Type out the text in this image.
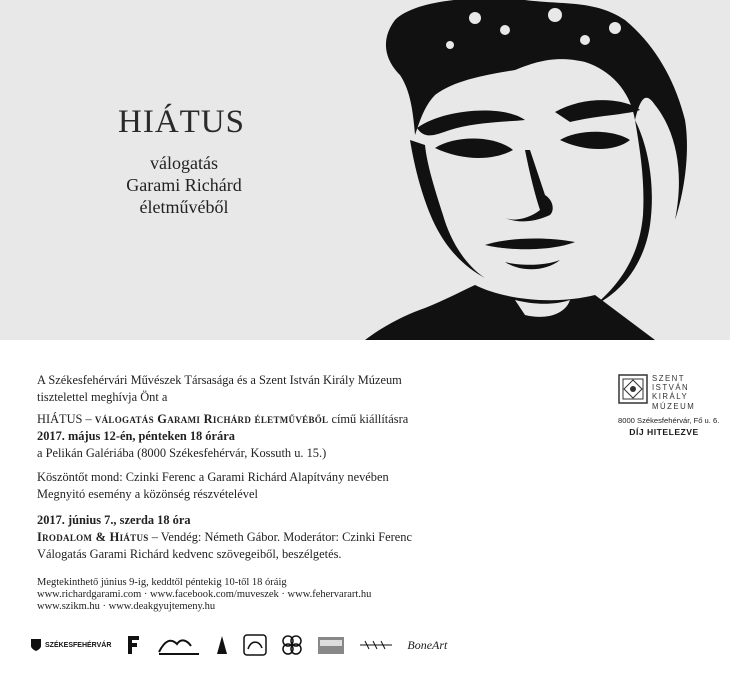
HIÁTUS
válogatás
Garami Richárd
életművéből
A Székesfehérvári Művészek Társasága és a Szent István Király Múzeum
tisztelettel meghívja Önt a
HIÁTUS – válogatás Garami Richárd életművéből című kiállításra
2017. május 12-én, pénteken 18 órára
a Pelikán Galériába (8000 Székesfehérvár, Kossuth u. 15.)
Köszöntőt mond: Czinki Ferenc a Garami Richárd Alapítvány nevében
Megnyitó esemény a közönség részvételével
2017. június 7., szerda 18 óra
Irodalom & Hiátus – Vendég: Németh Gábor. Moderátor: Czinki Ferenc
Válogatás Garami Richárd kedvenc szövegeiből, beszélgetés.
Megtekinthető június 9-ig, keddtől péntekig 10-től 18 óráig
www.richardgarami.com · www.facebook.com/muveszek · www.fehervarart.hu
www.szikm.hu · www.deakgyujtemeny.hu
SZENT
ISTVÁN
KIRÁLY
MÚZEUM
8000 Székesfehérvár, Fő u. 6.
DÍJ HITELEZVE
SZÉKESFEHÉRVÁR	BoneArt
